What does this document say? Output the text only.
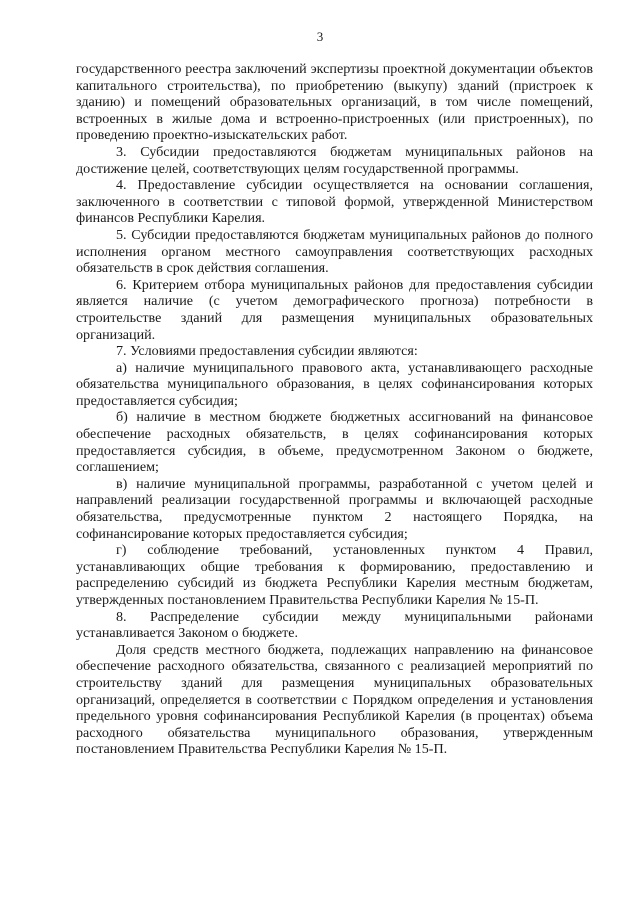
3

государственного реестра заключений экспертизы проектной документации объектов капитального строительства), по приобретению (выкупу) зданий (пристроек к зданию) и помещений образовательных организаций, в том числе помещений, встроенных в жилые дома и встроенно-пристроенных (или пристроенных), по проведению проектно-изыскательских работ.

3. Субсидии предоставляются бюджетам муниципальных районов на достижение целей, соответствующих целям государственной программы.

4. Предоставление субсидии осуществляется на основании соглашения, заключенного в соответствии с типовой формой, утвержденной Министерством финансов Республики Карелия.

5. Субсидии предоставляются бюджетам муниципальных районов до полного исполнения органом местного самоуправления соответствующих расходных обязательств в срок действия соглашения.

6. Критерием отбора муниципальных районов для предоставления субсидии является наличие (с учетом демографического прогноза) потребности в строительстве зданий для размещения муниципальных образовательных организаций.

7. Условиями предоставления субсидии являются:

а) наличие муниципального правового акта, устанавливающего расходные обязательства муниципального образования, в целях софинансирования которых предоставляется субсидия;

б) наличие в местном бюджете бюджетных ассигнований на финансовое обеспечение расходных обязательств, в целях софинансирования которых предоставляется субсидия, в объеме, предусмотренном Законом о бюджете, соглашением;

в) наличие муниципальной программы, разработанной с учетом целей и направлений реализации государственной программы и включающей расходные обязательства, предусмотренные пунктом 2 настоящего Порядка, на софинансирование которых предоставляется субсидия;

г) соблюдение требований, установленных пунктом 4 Правил, устанавливающих общие требования к формированию, предоставлению и распределению субсидий из бюджета Республики Карелия местным бюджетам, утвержденных постановлением Правительства Республики Карелия № 15-П.

8. Распределение субсидии между муниципальными районами устанавливается Законом о бюджете.

Доля средств местного бюджета, подлежащих направлению на финансовое обеспечение расходного обязательства, связанного с реализацией мероприятий по строительству зданий для размещения муниципальных образовательных организаций, определяется в соответствии с Порядком определения и установления предельного уровня софинансирования Республикой Карелия (в процентах) объема расходного обязательства муниципального образования, утвержденным постановлением Правительства Республики Карелия № 15-П.
